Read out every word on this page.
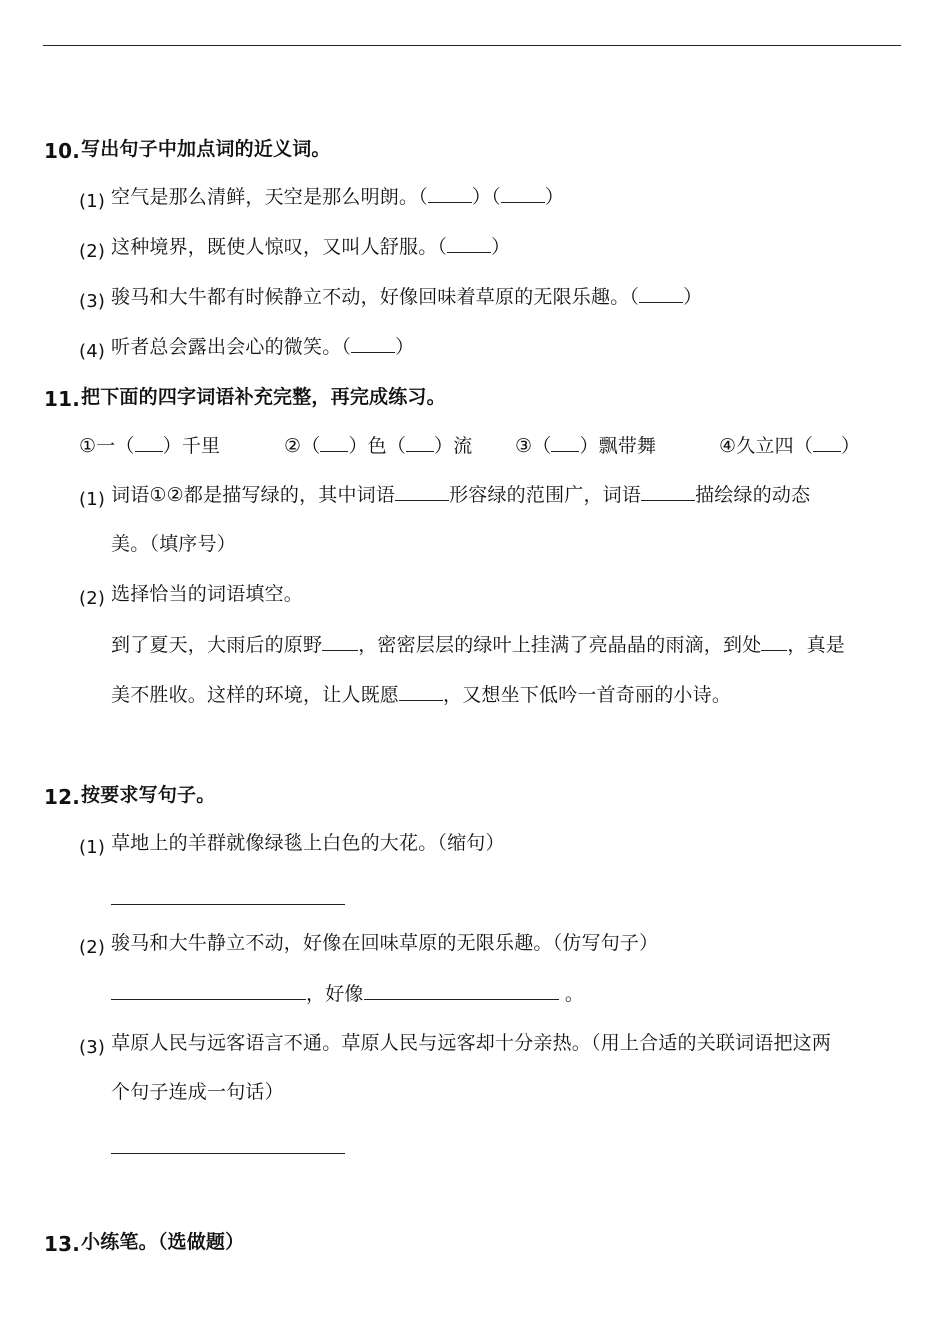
10.写出句子中加点词的近义词。
(1) 空气是那么清鲜，天空是那么明朗。（ ）（ ）
(2) 这种境界，既使人惊叹，又叫人舒服。（ ）
(3) 骏马和大牛都有时候静立不动，好像回味着草原的无限乐趣。（ ）
(4) 听者总会露出会心的微笑。（ ）
11.把下面的四字词语补充完整，再完成练习。
①一（ ）千里	②（ ）色（ ）流 ③（ ）飘带舞	④久立四（ ）
(1) 词语①②都是描写绿的，其中词语	形容绿的范围广，词语	描绘绿的动态
美。（填序号）
(2) 选择恰当的词语填空。
到了夏天，大雨后的原野 ，密密层层的绿叶上挂满了亮晶晶的雨滴，到处 ，真是
美不胜收。这样的环境，让人既愿 ，又想坐下低吟一首奇丽的小诗。
12.按要求写句子。
(1) 草地上的羊群就像绿毯上白色的大花。（缩句）
(2) 骏马和大牛静立不动，好像在回味草原的无限乐趣。（仿写句子）
，好像	。
(3) 草原人民与远客语言不通。草原人民与远客却十分亲热。（用上合适的关联词语把这两
个句子连成一句话）
13.小练笔。（选做题）
